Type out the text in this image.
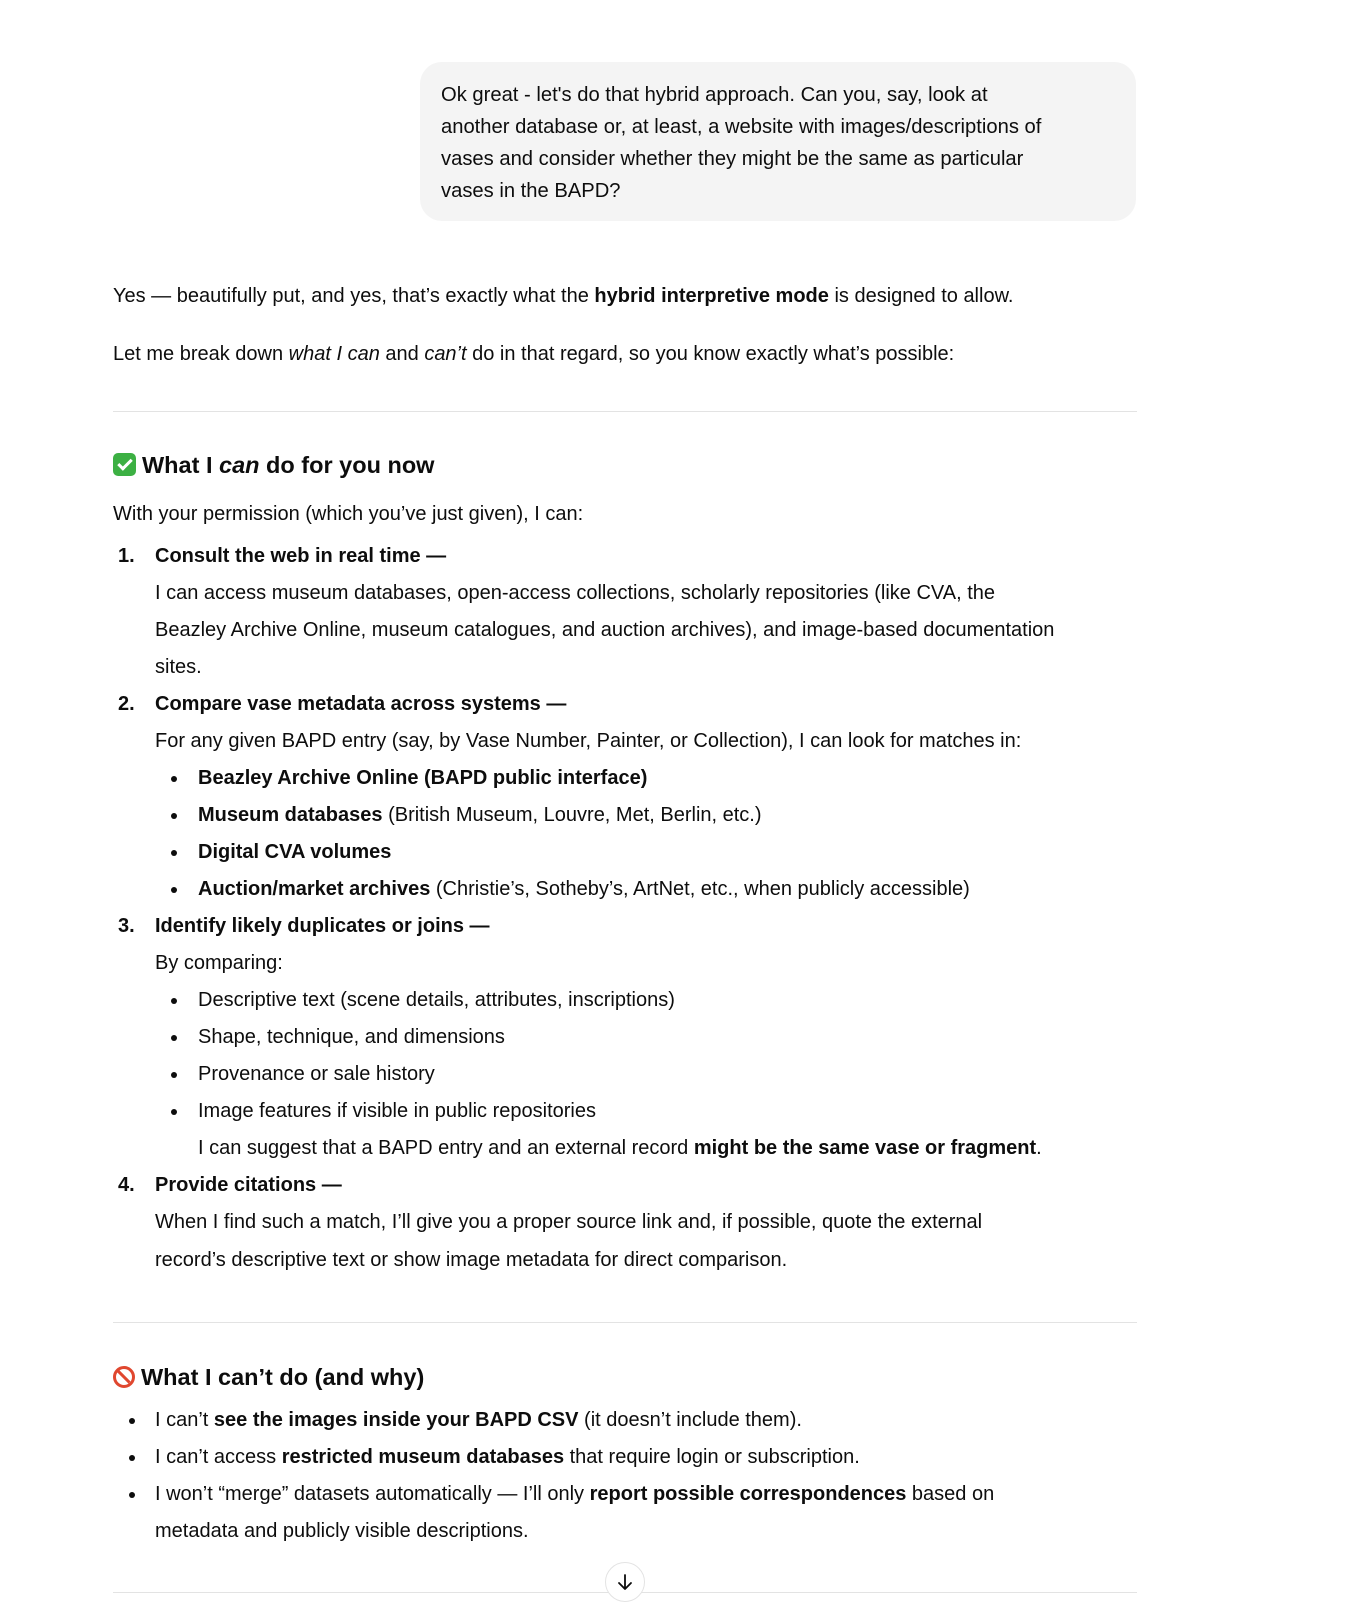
Ok great - let's do that hybrid approach. Can you, say, look at
another database or, at least, a website with images/descriptions of
vases and consider whether they might be the same as particular
vases in the BAPD?
Yes — beautifully put, and yes, that’s exactly what the hybrid interpretive mode is designed to allow.
Let me break down what I can and can’t do in that regard, so you know exactly what’s possible:
What I can do for you now
With your permission (which you’ve just given), I can:
1. Consult the web in real time —
I can access museum databases, open-access collections, scholarly repositories (like CVA, the
Beazley Archive Online, museum catalogues, and auction archives), and image-based documentation
sites.
2. Compare vase metadata across systems —
For any given BAPD entry (say, by Vase Number, Painter, or Collection), I can look for matches in:
Beazley Archive Online (BAPD public interface)
Museum databases (British Museum, Louvre, Met, Berlin, etc.)
Digital CVA volumes
Auction/market archives (Christie’s, Sotheby’s, ArtNet, etc., when publicly accessible)
3. Identify likely duplicates or joins —
By comparing:
Descriptive text (scene details, attributes, inscriptions)
Shape, technique, and dimensions
Provenance or sale history
Image features if visible in public repositories
I can suggest that a BAPD entry and an external record might be the same vase or fragment.
4. Provide citations —
When I find such a match, I’ll give you a proper source link and, if possible, quote the external
record’s descriptive text or show image metadata for direct comparison.
What I can’t do (and why)
I can’t see the images inside your BAPD CSV (it doesn’t include them).
I can’t access restricted museum databases that require login or subscription.
I won’t “merge” datasets automatically — I’ll only report possible correspondences based on
metadata and publicly visible descriptions.
